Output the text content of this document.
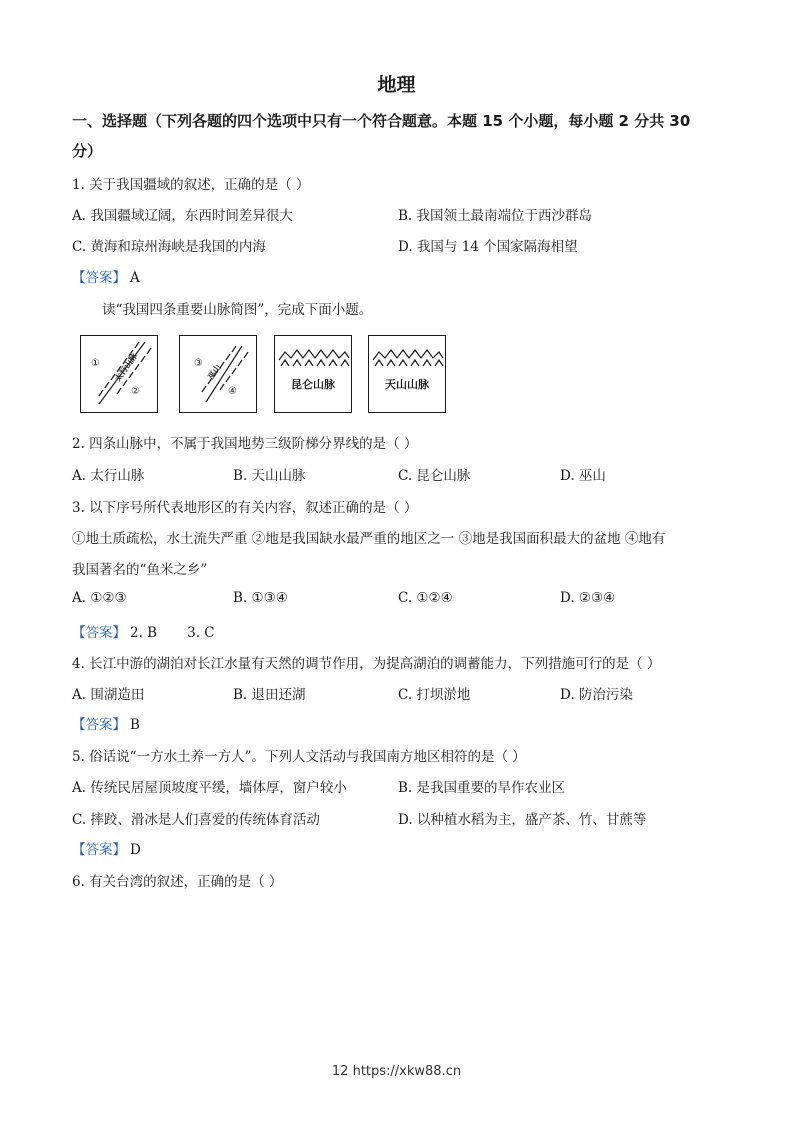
地理
一、选择题（下列各题的四个选项中只有一个符合题意。本题 15 个小题，每小题 2 分共 30
分）
1. 关于我国疆域的叙述，正确的是（ ）
A. 我国疆域辽阔，东西时间差异很大	B. 我国领土最南端位于西沙群岛
C. 黄海和琼州海峡是我国的内海	D. 我国与 14 个国家隔海相望
【答案】 A
读“我国四条重要山脉简图”，完成下面小题。
太行山脉
①
②
巫山
③
④
昆仑山脉	天山山脉
2. 四条山脉中，不属于我国地势三级阶梯分界线的是（ ）
A. 太行山脉	B. 天山山脉	C. 昆仑山脉	D. 巫山
3. 以下序号所代表地形区的有关内容，叙述正确的是（ ）
①地土质疏松，水土流失严重 ②地是我国缺水最严重的地区之一 ③地是我国面积最大的盆地 ④地有
我国著名的“鱼米之乡”
A. ①②③	B. ①③④	C. ①②④	D. ②③④
【答案】 2. B       3. C
4. 长江中游的湖泊对长江水量有天然的调节作用，为提高湖泊的调蓄能力，下列措施可行的是（ ）
A. 围湖造田	B. 退田还湖	C. 打坝淤地	D. 防治污染
【答案】 B
5. 俗话说“一方水土养一方人”。下列人文活动与我国南方地区相符的是（ ）
A. 传统民居屋顶坡度平缓，墙体厚，窗户较小	B. 是我国重要的旱作农业区
C. 摔跤、滑冰是人们喜爱的传统体育活动	D. 以种植水稻为主，盛产茶、竹、甘蔗等
【答案】 D
6. 有关台湾的叙述，正确的是（ ）
12 https://xkw88.cn
